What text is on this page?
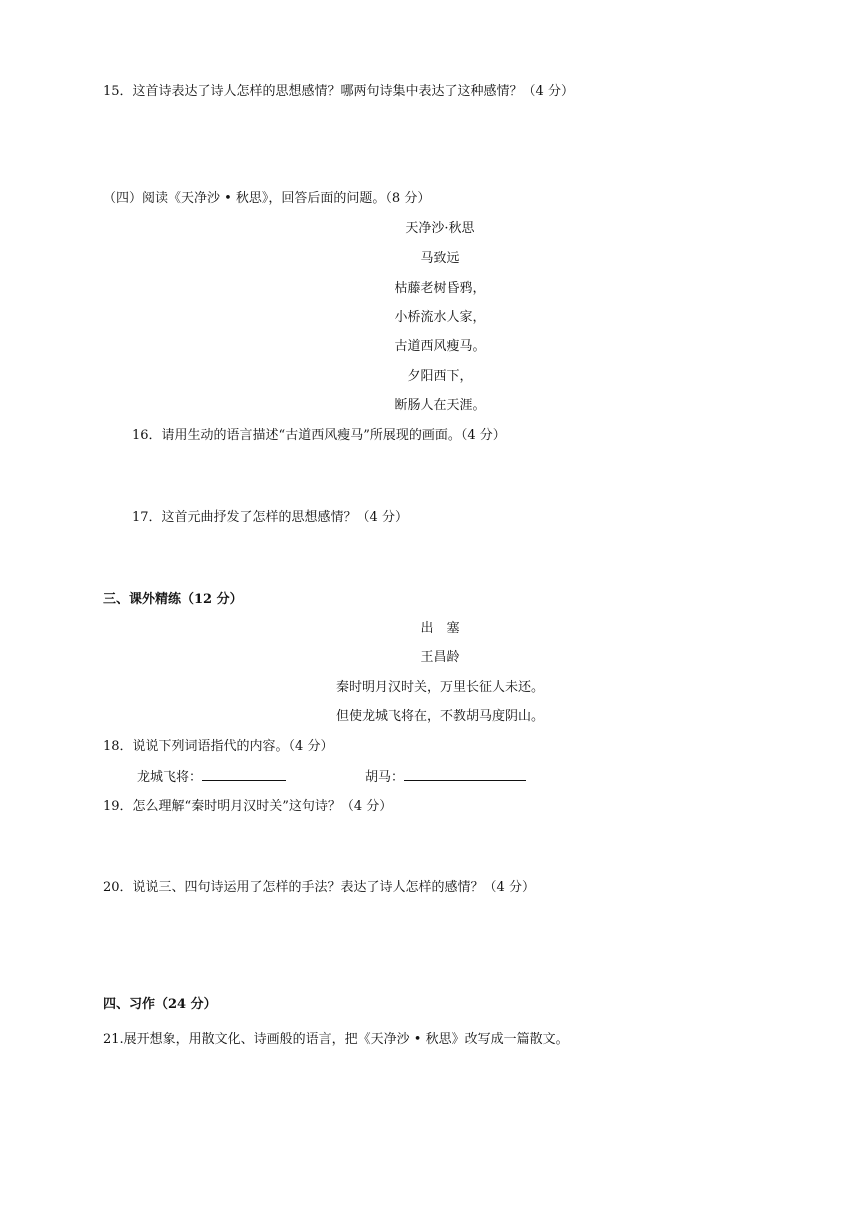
15．这首诗表达了诗人怎样的思想感情？哪两句诗集中表达了这种感情？（4 分）
（四）阅读《天净沙 • 秋思》，回答后面的问题。（8 分）
天净沙·秋思
马致远
枯藤老树昏鸦，
小桥流水人家，
古道西风瘦马。
夕阳西下，
断肠人在天涯。
16．请用生动的语言描述“古道西风瘦马”所展现的画面。（4 分）
17．这首元曲抒发了怎样的思想感情？（4 分）
三、课外精练（12 分）
出　塞
王昌龄
秦时明月汉时关，万里长征人未还。
但使龙城飞将在，不教胡马度阴山。
18．说说下列词语指代的内容。（4 分）
龙城飞将：	胡马：
19．怎么理解“秦时明月汉时关”这句诗？（4 分）
20．说说三、四句诗运用了怎样的手法？表达了诗人怎样的感情？（4 分）
四、习作（24 分）
21.展开想象，用散文化、诗画般的语言，把《天净沙 • 秋思》改写成一篇散文。
